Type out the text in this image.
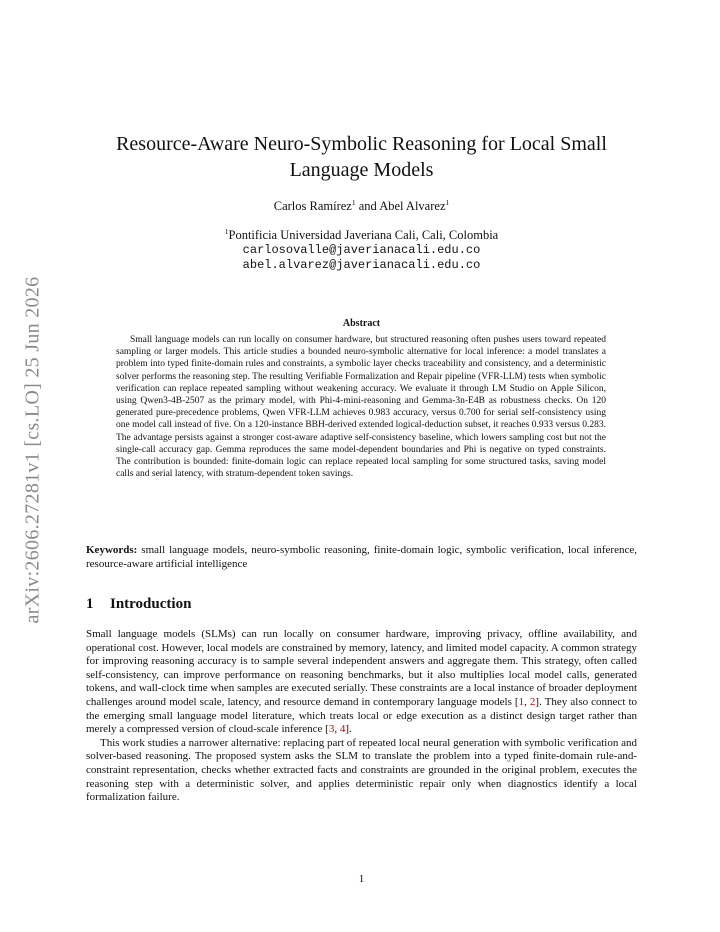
arXiv:2606.27281v1 [cs.LO] 25 Jun 2026
Resource-Aware Neuro-Symbolic Reasoning for Local Small Language Models
Carlos Ramírez$^1$ and Abel Alvarez$^1$
$^1$Pontificia Universidad Javeriana Cali, Cali, Colombia
carlosovalle@javerianacali.edu.co
abel.alvarez@javerianacali.edu.co
Abstract

Small language models can run locally on consumer hardware, but structured reasoning often pushes users toward repeated sampling or larger models. This article studies a bounded neuro-symbolic alternative for local inference: a model translates a problem into typed finite-domain rules and constraints, a symbolic layer checks traceability and consistency, and a deterministic solver performs the reasoning step. The resulting Verifiable Formalization and Repair pipeline (VFR-LLM) tests when symbolic verification can replace repeated sampling without weakening accuracy. We evaluate it through LM Studio on Apple Silicon, using Qwen3-4B-2507 as the primary model, with Phi-4-mini-reasoning and Gemma-3n-E4B as robustness checks. On 120 generated pure-precedence problems, Qwen VFR-LLM achieves 0.983 accuracy, versus 0.700 for serial self-consistency using one model call instead of five. On a 120-instance BBH-derived extended logical-deduction subset, it reaches 0.933 versus 0.283. The advantage persists against a stronger cost-aware adaptive self-consistency baseline, which lowers sampling cost but not the single-call accuracy gap. Gemma reproduces the same model-dependent boundaries and Phi is negative on typed constraints. The contribution is bounded: finite-domain logic can replace repeated local sampling for some structured tasks, saving model calls and serial latency, with stratum-dependent token savings.

Keywords: small language models, neuro-symbolic reasoning, finite-domain logic, symbolic verification, local inference, resource-aware artificial intelligence

1 Introduction

Small language models (SLMs) can run locally on consumer hardware, improving privacy, offline availability, and operational cost. However, local models are constrained by memory, latency, and limited model capacity. A common strategy for improving reasoning accuracy is to sample several independent answers and aggregate them. This strategy, often called self-consistency, can improve performance on reasoning benchmarks, but it also multiplies local model calls, generated tokens, and wall-clock time when samples are executed serially. These constraints are a local instance of broader deployment challenges around model scale, latency, and resource demand in contemporary language models [1, 2]. They also connect to the emerging small language model literature, which treats local or edge execution as a distinct design target rather than merely a compressed version of cloud-scale inference [3, 4].

This work studies a narrower alternative: replacing part of repeated local neural generation with symbolic verification and solver-based reasoning. The proposed system asks the SLM to translate the problem into a typed finite-domain rule-and-constraint representation, checks whether extracted facts and constraints are grounded in the original problem, executes the reasoning step with a deterministic solver, and applies deterministic repair only when diagnostics identify a local formalization failure.

1
